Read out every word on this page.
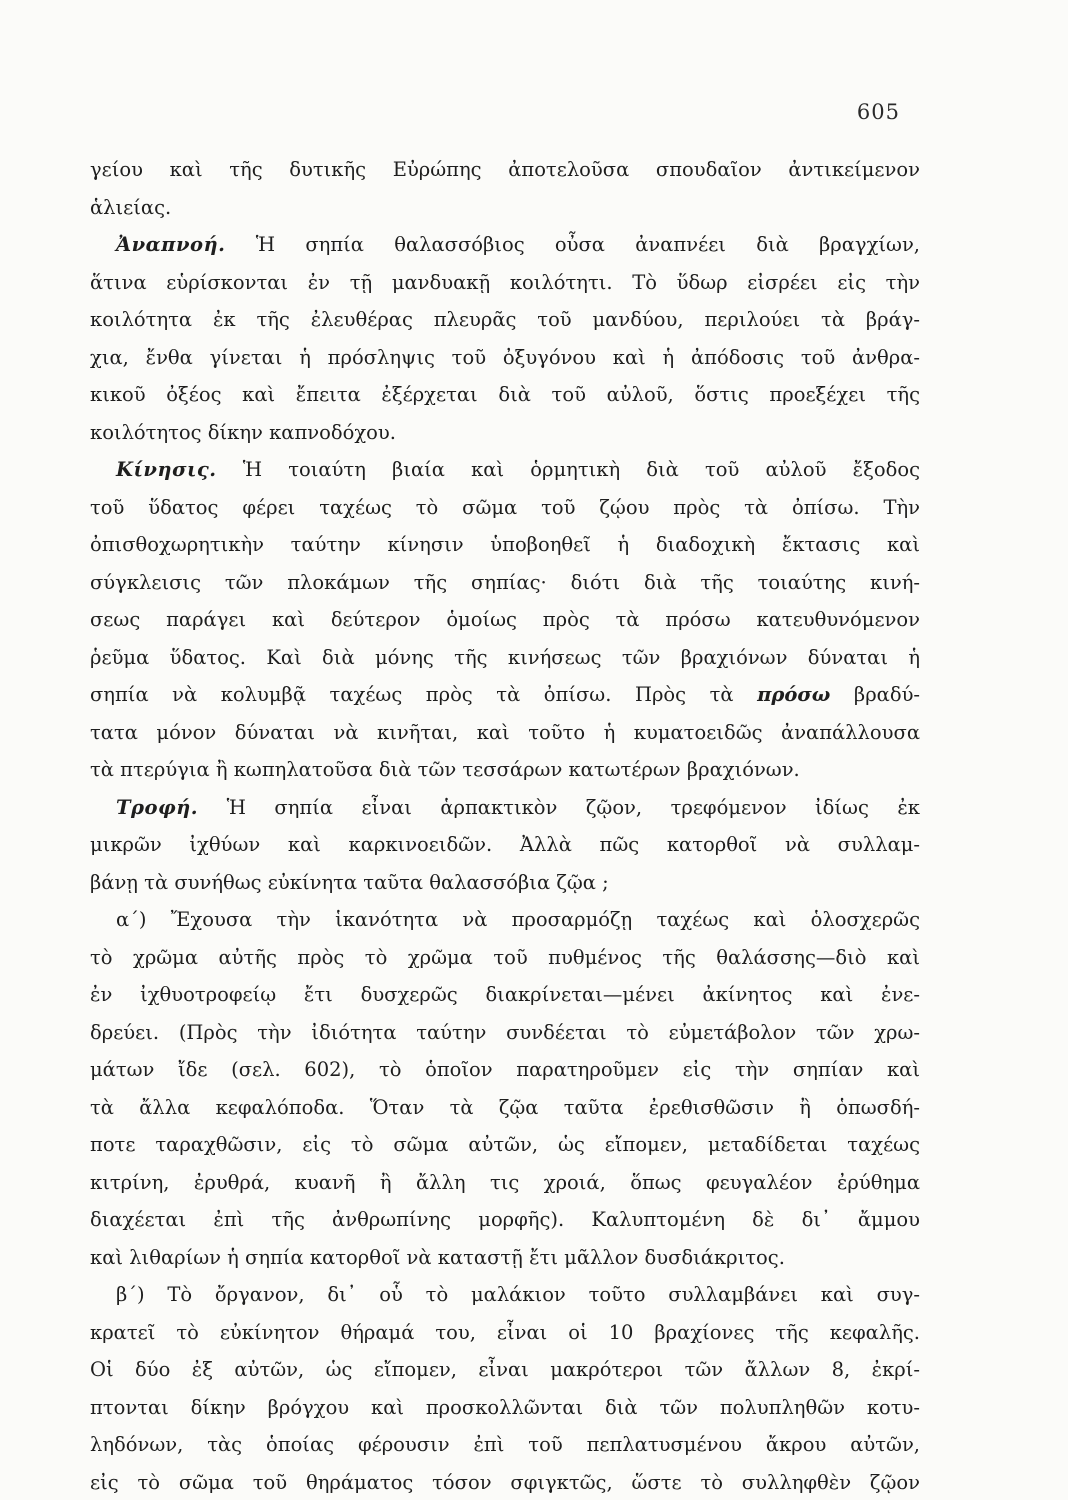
605
γείου καὶ τῆς δυτικῆς Εὐρώπης ἀποτελοῦσα σπουδαῖον ἀντικείμενον
ἁλιείας.
Ἀναπνοή. Ἡ σηπία θαλασσόβιος οὖσα ἀναπνέει διὰ βραγχίων,
ἅτινα εὑρίσκονται ἐν τῇ μανδυακῇ κοιλότητι. Τὸ ὕδωρ εἰσρέει εἰς τὴν
κοιλότητα ἐκ τῆς ἐλευθέρας πλευρᾶς τοῦ μανδύου, περιλούει τὰ βράγ-
χια, ἔνθα γίνεται ἡ πρόσληψις τοῦ ὀξυγόνου καὶ ἡ ἀπόδοσις τοῦ ἀνθρα-
κικοῦ ὀξέος καὶ ἔπειτα ἐξέρχεται διὰ τοῦ αὐλοῦ, ὅστις προεξέχει τῆς
κοιλότητος δίκην καπνοδόχου.
Κίνησις. Ἡ τοιαύτη βιαία καὶ ὁρμητικὴ διὰ τοῦ αὐλοῦ ἔξοδος
τοῦ ὕδατος φέρει ταχέως τὸ σῶμα τοῦ ζῴου πρὸς τὰ ὀπίσω. Τὴν
ὀπισθοχωρητικὴν ταύτην κίνησιν ὑποβοηθεῖ ἡ διαδοχικὴ ἔκτασις καὶ
σύγκλεισις τῶν πλοκάμων τῆς σηπίας· διότι διὰ τῆς τοιαύτης κινή-
σεως παράγει καὶ δεύτερον ὁμοίως πρὸς τὰ πρόσω κατευθυνόμενον
ῥεῦμα ὕδατος. Καὶ διὰ μόνης τῆς κινήσεως τῶν βραχιόνων δύναται ἡ
σηπία νὰ κολυμβᾷ ταχέως πρὸς τὰ ὀπίσω. Πρὸς τὰ πρόσω βραδύ-
τατα μόνον δύναται νὰ κινῆται, καὶ τοῦτο ἡ κυματοειδῶς ἀναπάλλουσα
τὰ πτερύγια ἢ κωπηλατοῦσα διὰ τῶν τεσσάρων κατωτέρων βραχιόνων.
Τροφή. Ἡ σηπία εἶναι ἁρπακτικὸν ζῷον, τρεφόμενον ἰδίως ἐκ
μικρῶν ἰχθύων καὶ καρκινοειδῶν. Ἀλλὰ πῶς κατορθοῖ νὰ συλλαμ-
βάνῃ τὰ συνήθως εὐκίνητα ταῦτα θαλασσόβια ζῷα ;
α΄) Ἔχουσα τὴν ἱκανότητα νὰ προσαρμόζῃ ταχέως καὶ ὁλοσχερῶς
τὸ χρῶμα αὐτῆς πρὸς τὸ χρῶμα τοῦ πυθμένος τῆς θαλάσσης—διὸ καὶ
ἐν ἰχθυοτροφείῳ ἔτι δυσχερῶς διακρίνεται—μένει ἀκίνητος καὶ ἐνε-
δρεύει. (Πρὸς τὴν ἰδιότητα ταύτην συνδέεται τὸ εὐμετάβολον τῶν χρω-
μάτων ἴδε (σελ. 602), τὸ ὁποῖον παρατηροῦμεν εἰς τὴν σηπίαν καὶ
τὰ ἄλλα κεφαλόποδα. Ὅταν τὰ ζῷα ταῦτα ἐρεθισθῶσιν ἢ ὁπωσδή-
ποτε ταραχθῶσιν, εἰς τὸ σῶμα αὐτῶν, ὡς εἴπομεν, μεταδίδεται ταχέως
κιτρίνη, ἐρυθρά, κυανῆ ἢ ἄλλη τις χροιά, ὅπως φευγαλέον ἐρύθημα
διαχέεται ἐπὶ τῆς ἀνθρωπίνης μορφῆς). Καλυπτομένη δὲ δι᾽ ἄμμου
καὶ λιθαρίων ἡ σηπία κατορθοῖ νὰ καταστῇ ἔτι μᾶλλον δυσδιάκριτος.
β΄) Τὸ ὄργανον, δι᾽ οὗ τὸ μαλάκιον τοῦτο συλλαμβάνει καὶ συγ-
κρατεῖ τὸ εὐκίνητον θήραμά του, εἶναι οἱ 10 βραχίονες τῆς κεφαλῆς.
Οἱ δύο ἐξ αὐτῶν, ὡς εἴπομεν, εἶναι μακρότεροι τῶν ἄλλων 8, ἐκρί-
πτονται δίκην βρόγχου καὶ προσκολλῶνται διὰ τῶν πολυπληθῶν κοτυ-
ληδόνων, τὰς ὁποίας φέρουσιν ἐπὶ τοῦ πεπλατυσμένου ἄκρου αὐτῶν,
εἰς τὸ σῶμα τοῦ θηράματος τόσον σφιγκτῶς, ὥστε τὸ συλληφθὲν ζῷον
